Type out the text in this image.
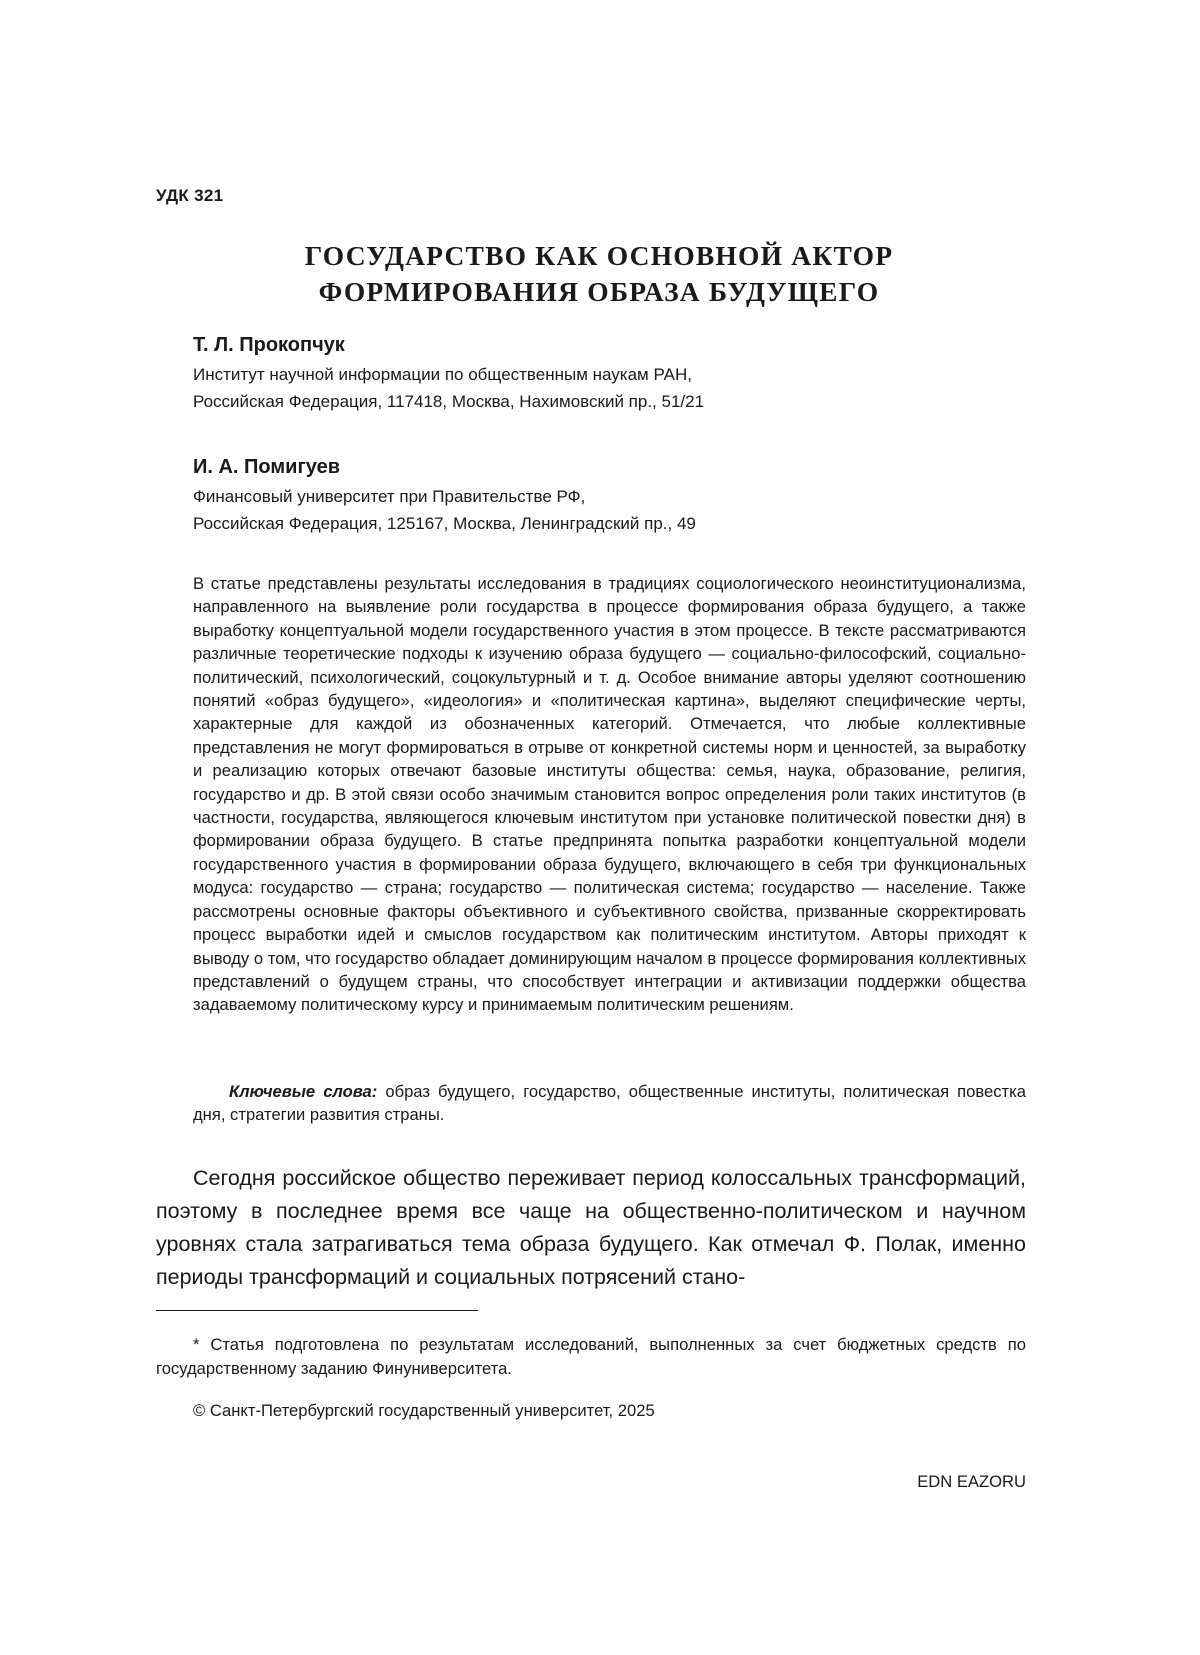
УДК 321
ГОСУДАРСТВО КАК ОСНОВНОЙ АКТОР
ФОРМИРОВАНИЯ ОБРАЗА БУДУЩЕГО
Т. Л. Прокопчук
Институт научной информации по общественным наукам РАН,
Российская Федерация, 117418, Москва, Нахимовский пр., 51/21
И. А. Помигуев
Финансовый университет при Правительстве РФ,
Российская Федерация, 125167, Москва, Ленинградский пр., 49

В статье представлены результаты исследования в традициях социологического неоинституционализма, направленного на выявление роли государства в процессе формирования образа будущего, а также выработку концептуальной модели государственного участия в этом процессе. В тексте рассматриваются различные теоретические подходы к изучению образа будущего — социально-философский, социально-политический, психологический, соцокультурный и т. д. Особое внимание авторы уделяют соотношению понятий «образ будущего», «идеология» и «политическая картина», выделяют специфические черты, характерные для каждой из обозначенных категорий. Отмечается, что любые коллективные представления не могут формироваться в отрыве от конкретной системы норм и ценностей, за выработку и реализацию которых отвечают базовые институты общества: семья, наука, образование, религия, государство и др. В этой связи особо значимым становится вопрос определения роли таких институтов (в частности, государства, являющегося ключевым институтом при установке политической повестки дня) в формировании образа будущего. В статье предпринята попытка разработки концептуальной модели государственного участия в формировании образа будущего, включающего в себя три функциональных модуса: государство — страна; государство — политическая система; государство — население. Также рассмотрены основные факторы объективного и субъективного свойства, призванные скорректировать процесс выработки идей и смыслов государством как политическим институтом. Авторы приходят к выводу о том, что государство обладает доминирующим началом в процессе формирования коллективных представлений о будущем страны, что способствует интеграции и активизации поддержки общества задаваемому политическому курсу и принимаемым политическим решениям.

Ключевые слова: образ будущего, государство, общественные институты, политическая повестка дня, стратегии развития страны.

Сегодня российское общество переживает период колоссальных трансформаций, поэтому в последнее время все чаще на общественно-политическом и научном уровнях стала затрагиваться тема образа будущего. Как отмечал Ф. Полак, именно периоды трансформаций и социальных потрясений стано-

* Статья подготовлена по результатам исследований, выполненных за счет бюджетных средств по государственному заданию Финуниверситета.

© Санкт-Петербургский государственный университет, 2025
EDN EAZORU
